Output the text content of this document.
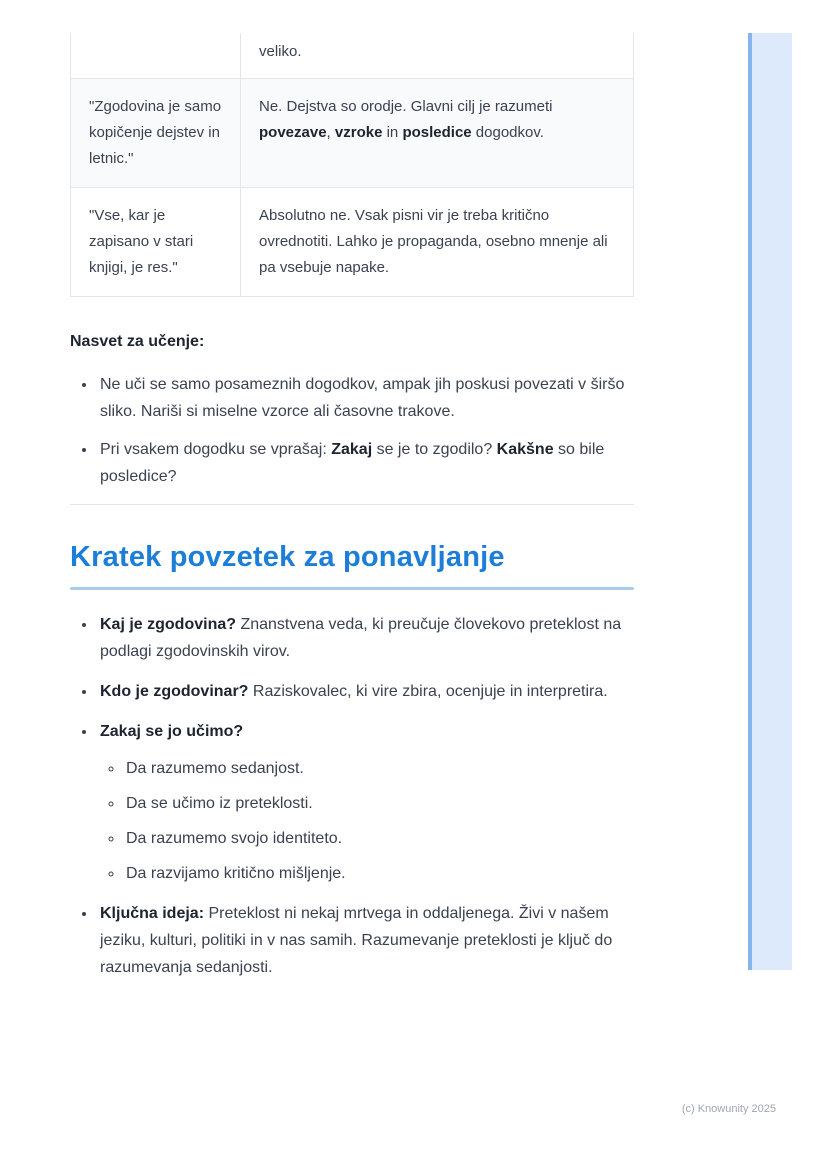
	veliko.
"Zgodovina je samo kopičenje dejstev in letnic."	Ne. Dejstva so orodje. Glavni cilj je razumeti povezave, vzroke in posledice dogodkov.
"Vse, kar je zapisano v stari knjigi, je res."	Absolutno ne. Vsak pisni vir je treba kritično ovrednotiti. Lahko je propaganda, osebno mnenje ali pa vsebuje napake.

Nasvet za učenje:

• Ne uči se samo posameznih dogodkov, ampak jih poskusi povezati v širšo sliko. Nariši si miselne vzorce ali časovne trakove.
• Pri vsakem dogodku se vprašaj: Zakaj se je to zgodilo? Kakšne so bile posledice?
Kratek povzetek za ponavljanje
• Kaj je zgodovina? Znanstvena veda, ki preučuje človekovo preteklost na podlagi zgodovinskih virov.
• Kdo je zgodovinar? Raziskovalec, ki vire zbira, ocenjuje in interpretira.
• Zakaj se jo učimo?
◦ Da razumemo sedanjost.
◦ Da se učimo iz preteklosti.
◦ Da razumemo svojo identiteto.
◦ Da razvijamo kritično mišljenje.
• Ključna ideja: Preteklost ni nekaj mrtvega in oddaljenega. Živi v našem jeziku, kulturi, politiki in v nas samih. Razumevanje preteklosti je ključ do razumevanja sedanjosti.
(c) Knowunity 2025
